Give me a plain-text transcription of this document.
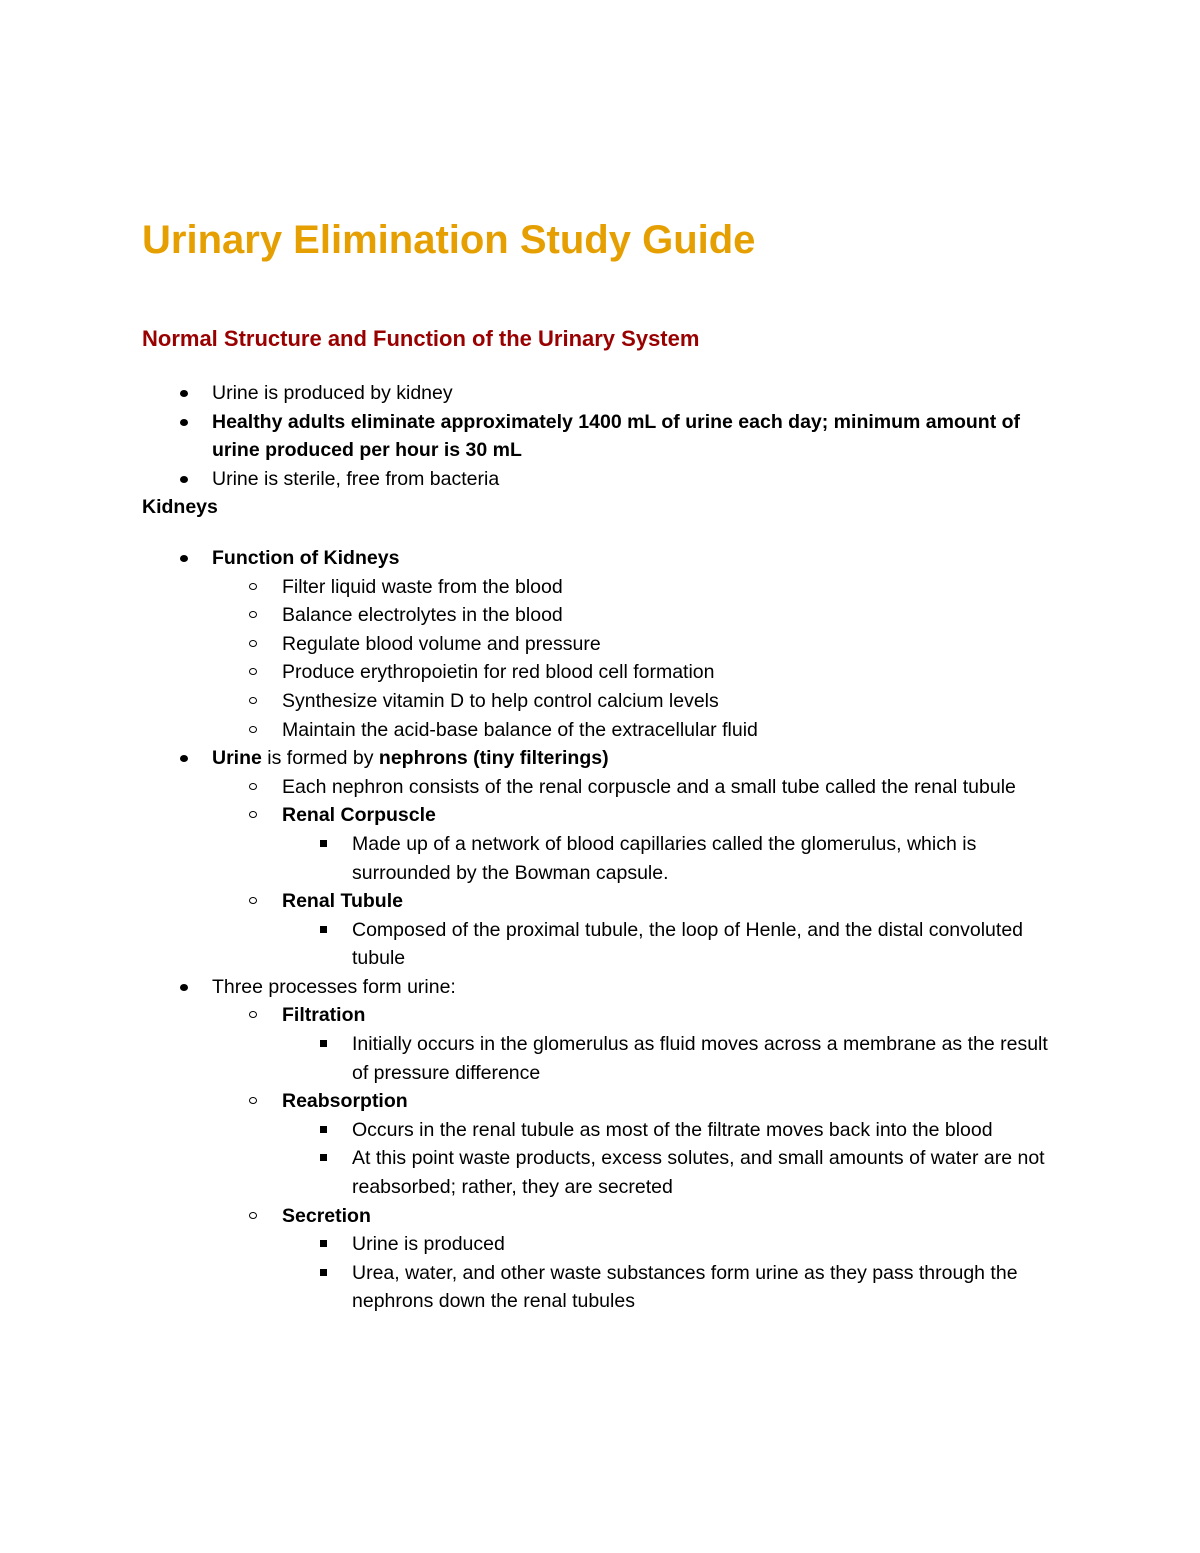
Urinary Elimination Study Guide
Normal Structure and Function of the Urinary System
Urine is produced by kidney
Healthy adults eliminate approximately 1400 mL of urine each day; minimum amount of urine produced per hour is 30 mL
Urine is sterile, free from bacteria
Kidneys
Function of Kidneys
Filter liquid waste from the blood
Balance electrolytes in the blood
Regulate blood volume and pressure
Produce erythropoietin for red blood cell formation
Synthesize vitamin D to help control calcium levels
Maintain the acid-base balance of the extracellular fluid
Urine is formed by nephrons (tiny filterings)
Each nephron consists of the renal corpuscle and a small tube called the renal tubule
Renal Corpuscle
Made up of a network of blood capillaries called the glomerulus, which is surrounded by the Bowman capsule.
Renal Tubule
Composed of the proximal tubule, the loop of Henle, and the distal convoluted tubule
Three processes form urine:
Filtration
Initially occurs in the glomerulus as fluid moves across a membrane as the result of pressure difference
Reabsorption
Occurs in the renal tubule as most of the filtrate moves back into the blood
At this point waste products, excess solutes, and small amounts of water are not reabsorbed; rather, they are secreted
Secretion
Urine is produced
Urea, water, and other waste substances form urine as they pass through the nephrons down the renal tubules
